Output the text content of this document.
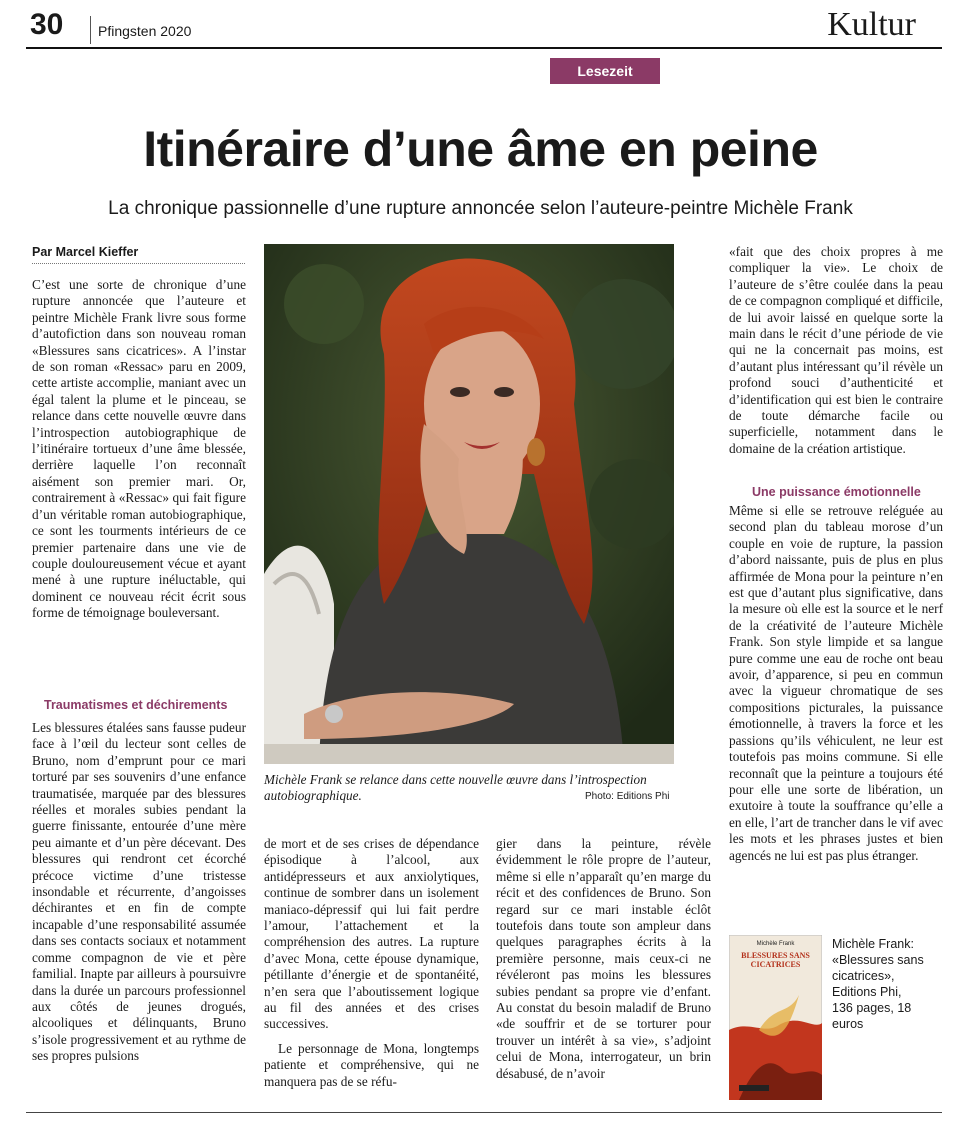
30 Pfingsten 2020	Kultur
Lesezeit
Itinéraire d’une âme en peine
La chronique passionnelle d’une rupture annoncée selon l’auteure-peintre Michèle Frank
Par Marcel Kieffer

C’est une sorte de chronique d’une rupture annoncée que l’auteure et peintre Michèle Frank livre sous forme d’autofiction dans son nouveau roman «Blessures sans cicatrices». A l’instar de son roman «Ressac» paru en 2009, cette artiste accomplie, maniant avec un égal talent la plume et le pinceau, se relance dans cette nouvelle œuvre dans l’introspection autobiographique de l’itinéraire tortueux d’une âme blessée, derrière laquelle l’on reconnaît aisément son premier mari. Or, contrairement à «Ressac» qui fait figure d’un véritable roman autobiographique, ce sont les tourments intérieurs de ce premier partenaire dans une vie de couple douloureusement vécue et ayant mené à une rupture inéluctable, qui dominent ce nouveau récit écrit sous forme de témoignage bouleversant.

Traumatismes et déchirements

Les blessures étalées sans fausse pudeur face à l’œil du lecteur sont celles de Bruno, nom d’emprunt pour ce mari torturé par ses souvenirs d’une enfance traumatisée, marquée par des blessures réelles et morales subies pendant la guerre finissante, entourée d’une mère peu aimante et d’un père décevant. Des blessures qui rendront cet écorché précoce victime d’une tristesse insondable et récurrente, d’angoisses déchirantes et en fin de compte incapable d’une responsabilité assumée dans ses contacts sociaux et notamment comme compagnon de vie et père familial. Inapte par ailleurs à poursuivre dans la durée un parcours professionnel aux côtés de jeunes drogués, alcooliques et délinquants, Bruno s’isole progressivement et au rythme de ses propres pulsions

Michèle Frank se relance dans cette nouvelle œuvre dans l’introspection autobiographique.	Photo: Editions Phi

de mort et de ses crises de dépendance épisodique à l’alcool, aux antidépresseurs et aux anxiolytiques, continue de sombrer dans un isolement maniaco-dépressif qui lui fait perdre l’amour, l’attachement et la compréhension des autres. La rupture d’avec Mona, cette épouse dynamique, pétillante d’énergie et de spontanéité, n’en sera que l’aboutissement logique au fil des années et des crises successives.

Le personnage de Mona, longtemps patiente et compréhensive, qui ne manquera pas de se réfu-

gier dans la peinture, révèle évidemment le rôle propre de l’auteur, même si elle n’apparaît qu’en marge du récit et des confidences de Bruno. Son regard sur ce mari instable éclôt toutefois dans toute son ampleur dans quelques paragraphes écrits à la première personne, mais ceux-ci ne révéleront pas moins les blessures subies pendant sa propre vie d’enfant. Au constat du besoin maladif de Bruno «de souffrir et de se torturer pour trouver un intérêt à sa vie», s’adjoint celui de Mona, interrogateur, un brin désabusé, de n’avoir

«fait que des choix propres à me compliquer la vie». Le choix de l’auteure de s’être coulée dans la peau de ce compagnon compliqué et difficile, de lui avoir laissé en quelque sorte la main dans le récit d’une période de vie qui ne la concernait pas moins, est d’autant plus intéressant qu’il révèle un profond souci d’authenticité et d’identification qui est bien le contraire de toute démarche facile ou superficielle, notamment dans le domaine de la création artistique.

Une puissance émotionnelle

Même si elle se retrouve reléguée au second plan du tableau morose d’un couple en voie de rupture, la passion d’abord naissante, puis de plus en plus affirmée de Mona pour la peinture n’en est que d’autant plus significative, dans la mesure où elle est la source et le nerf de la créativité de l’auteure Michèle Frank. Son style limpide et sa langue pure comme une eau de roche ont beau avoir, d’apparence, si peu en commun avec la vigueur chromatique de ses compositions picturales, la puissance émotionnelle, à travers la force et les passions qu’ils véhiculent, ne leur est toutefois pas moins commune. Si elle reconnaît que la peinture a toujours été pour elle une sorte de libération, un exutoire à toute la souffrance qu’elle a en elle, l’art de trancher dans le vif avec les mots et les phrases justes et bien agencés ne lui est pas plus étranger.

Michèle Frank
BLESSURES SANS CICATRICES
Michèle Frank:
«Blessures sans cicatrices»,
Editions Phi,
136 pages, 18 euros
